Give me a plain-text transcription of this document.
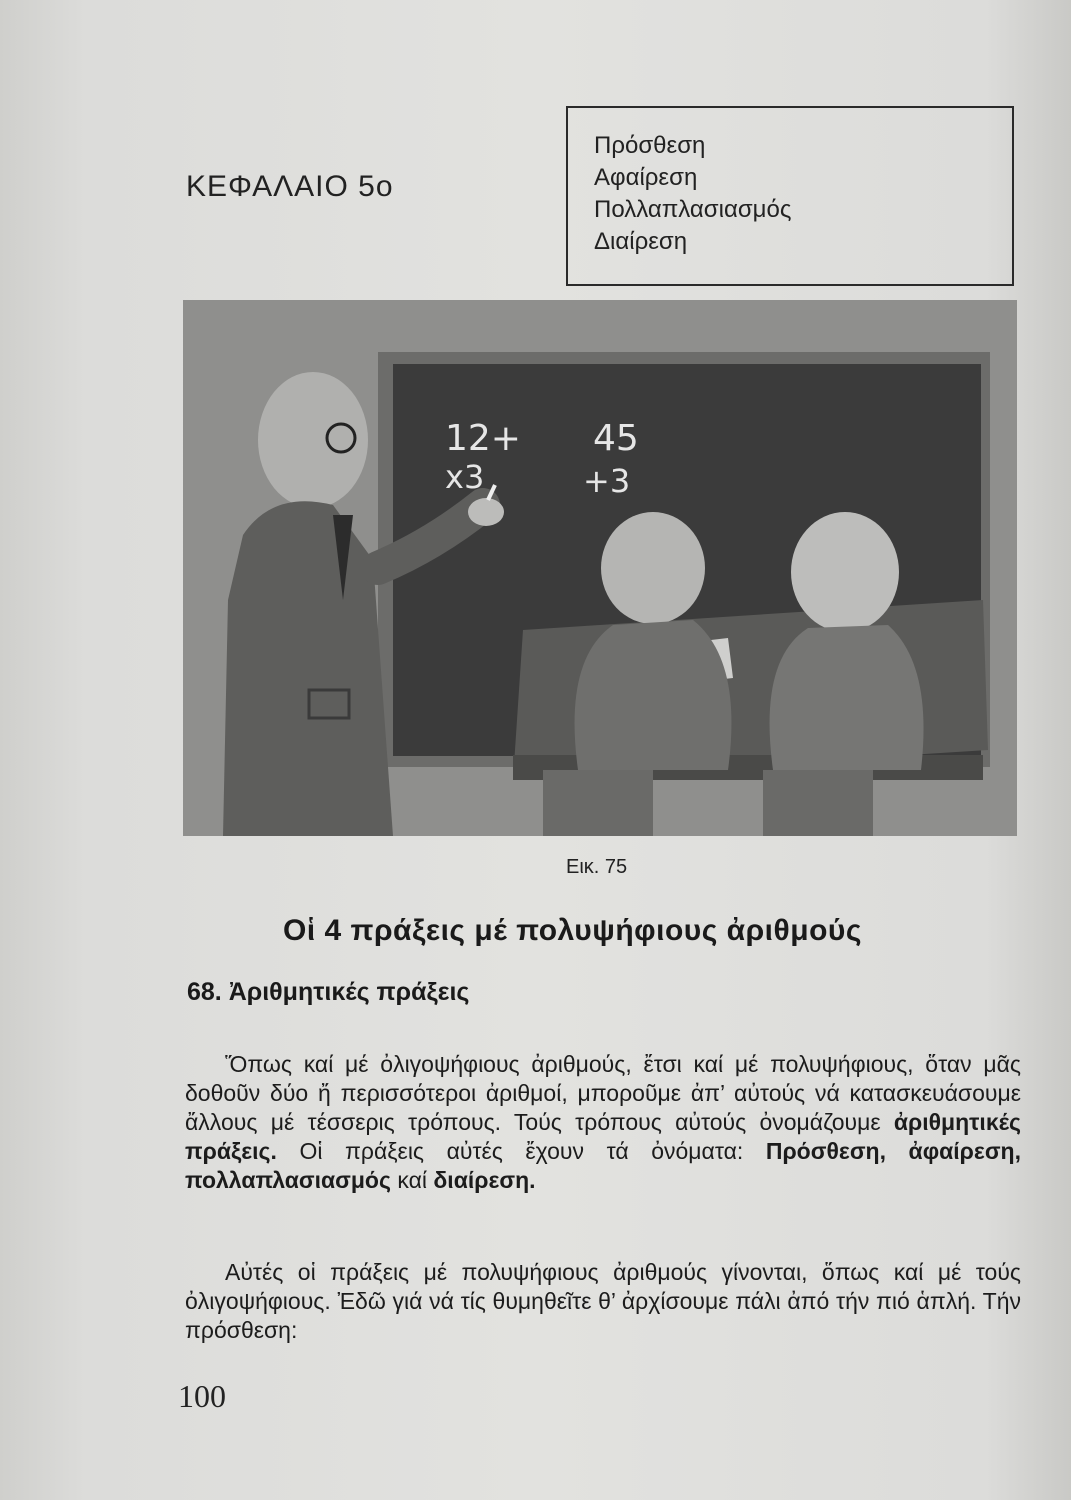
ΚΕΦΑΛΑΙΟ 5ο
Πρόσθεση
Αφαίρεση
Πολλαπλασιασμός
Διαίρεση
12+
x3
45
+3
Εικ. 75
Οἱ 4 πράξεις μέ πολυψήφιους ἀριθμούς
68. Ἀριθμητικές πράξεις
Ὅπως καί μέ ὀλιγοψήφιους ἀριθμούς, ἔτσι καί μέ πολυψήφιους, ὅταν μᾶς δοθοῦν δύο ἤ περισσότεροι ἀριθμοί, μποροῦμε ἀπ’ αὐτούς νά κατασκευάσουμε ἄλλους μέ τέσσερις τρόπους. Τούς τρόπους αὐτούς ὀνομάζουμε ἀριθμητικές πράξεις. Οἱ πράξεις αὐτές ἔχουν τά ὀνόματα: Πρόσθεση, ἀφαίρεση, πολλαπλασιασμός καί διαίρεση.
Αὐτές οἱ πράξεις μέ πολυψήφιους ἀριθμούς γίνονται, ὅπως καί μέ τούς ὀλιγοψήφιους. Ἐδῶ γιά νά τίς θυμηθεῖτε θ’ ἀρχίσουμε πάλι ἀπό τήν πιό ἁπλή. Τήν πρόσθεση:
100
